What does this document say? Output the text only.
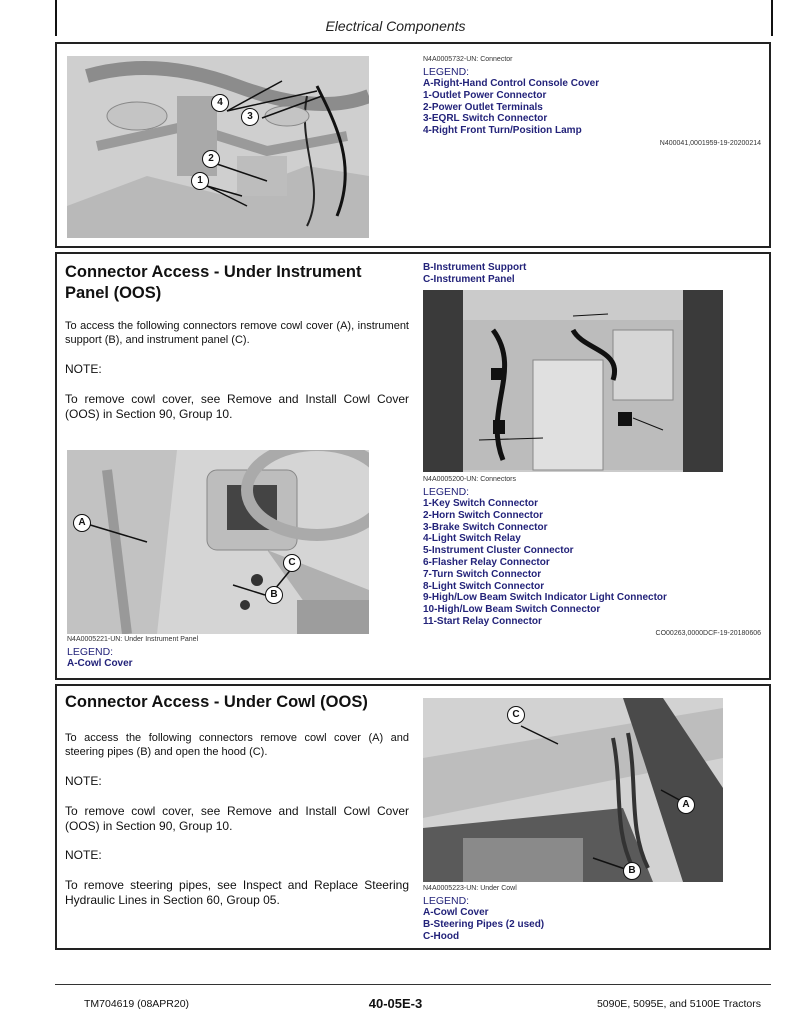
Electrical Components
1
2
3
4
N4A0005732-UN: Connector
LEGEND:
A-Right-Hand Control Console Cover
1-Outlet Power Connector
2-Power Outlet Terminals
3-EQRL Switch Connector
4-Right Front Turn/Position Lamp
N400041,0001959-19-20200214
Connector Access - Under Instrument Panel (OOS)
To access the following connectors remove cowl cover (A), instrument support (B), and instrument panel (C).
NOTE:
To remove cowl cover, see Remove and Install Cowl Cover (OOS) in Section 90, Group 10.
A
B
C
N4A0005221-UN: Under Instrument Panel
LEGEND:
A-Cowl Cover
B-Instrument Support
C-Instrument Panel
N4A0005200-UN: Connectors
LEGEND:
1-Key Switch Connector
2-Horn Switch Connector
3-Brake Switch Connector
4-Light Switch Relay
5-Instrument Cluster Connector
6-Flasher Relay Connector
7-Turn Switch Connector
8-Light Switch Connector
9-High/Low Beam Switch Indicator Light Connector
10-High/Low Beam Switch Connector
11-Start Relay Connector
CO00263,0000DCF-19-20180606
Connector Access - Under Cowl (OOS)
To access the following connectors remove cowl cover (A) and steering pipes (B) and open the hood (C).
NOTE:
To remove cowl cover, see Remove and Install Cowl Cover (OOS) in Section 90, Group 10.
NOTE:
To remove steering pipes, see Inspect and Replace Steering Hydraulic Lines in Section 60, Group 05.
C
A
B
N4A0005223-UN: Under Cowl
LEGEND:
A-Cowl Cover
B-Steering Pipes (2 used)
C-Hood
TM704619 (08APR20)	40-05E-3	5090E, 5095E, and 5100E Tractors
